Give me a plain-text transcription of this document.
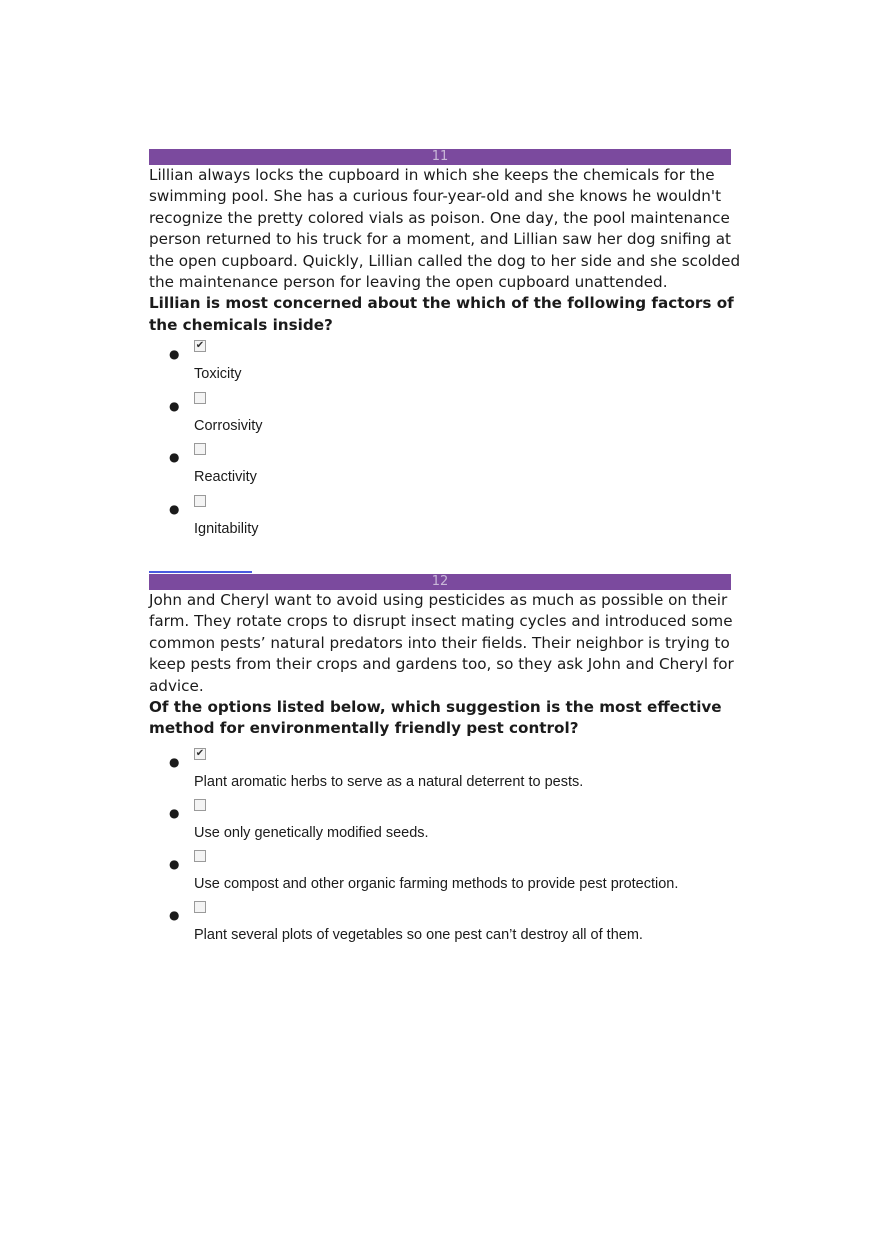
11
Lillian always locks the cupboard in which she keeps the chemicals for the
swimming pool. She has a curious four-year-old and she knows he wouldn't
recognize the pretty colored vials as poison. One day, the pool maintenance
person returned to his truck for a moment, and Lillian saw her dog sniﬁng at
the open cupboard. Quickly, Lillian called the dog to her side and she scolded
the maintenance person for leaving the open cupboard unattended.
Lillian is most concerned about the which of the following factors of
the chemicals inside?
●
✔
Toxicity
●
Corrosivity
●
Reactivity
●
Ignitability
12
John and Cheryl want to avoid using pesticides as much as possible on their
farm. They rotate crops to disrupt insect mating cycles and introduced some
common pests’ natural predators into their fields. Their neighbor is trying to
keep pests from their crops and gardens too, so they ask John and Cheryl for
advice.
Of the options listed below, which suggestion is the most effective
method for environmentally friendly pest control?
●
✔
Plant aromatic herbs to serve as a natural deterrent to pests.
●
Use only genetically modified seeds.
●
Use compost and other organic farming methods to provide pest protection.
●
Plant several plots of vegetables so one pest can’t destroy all of them.
